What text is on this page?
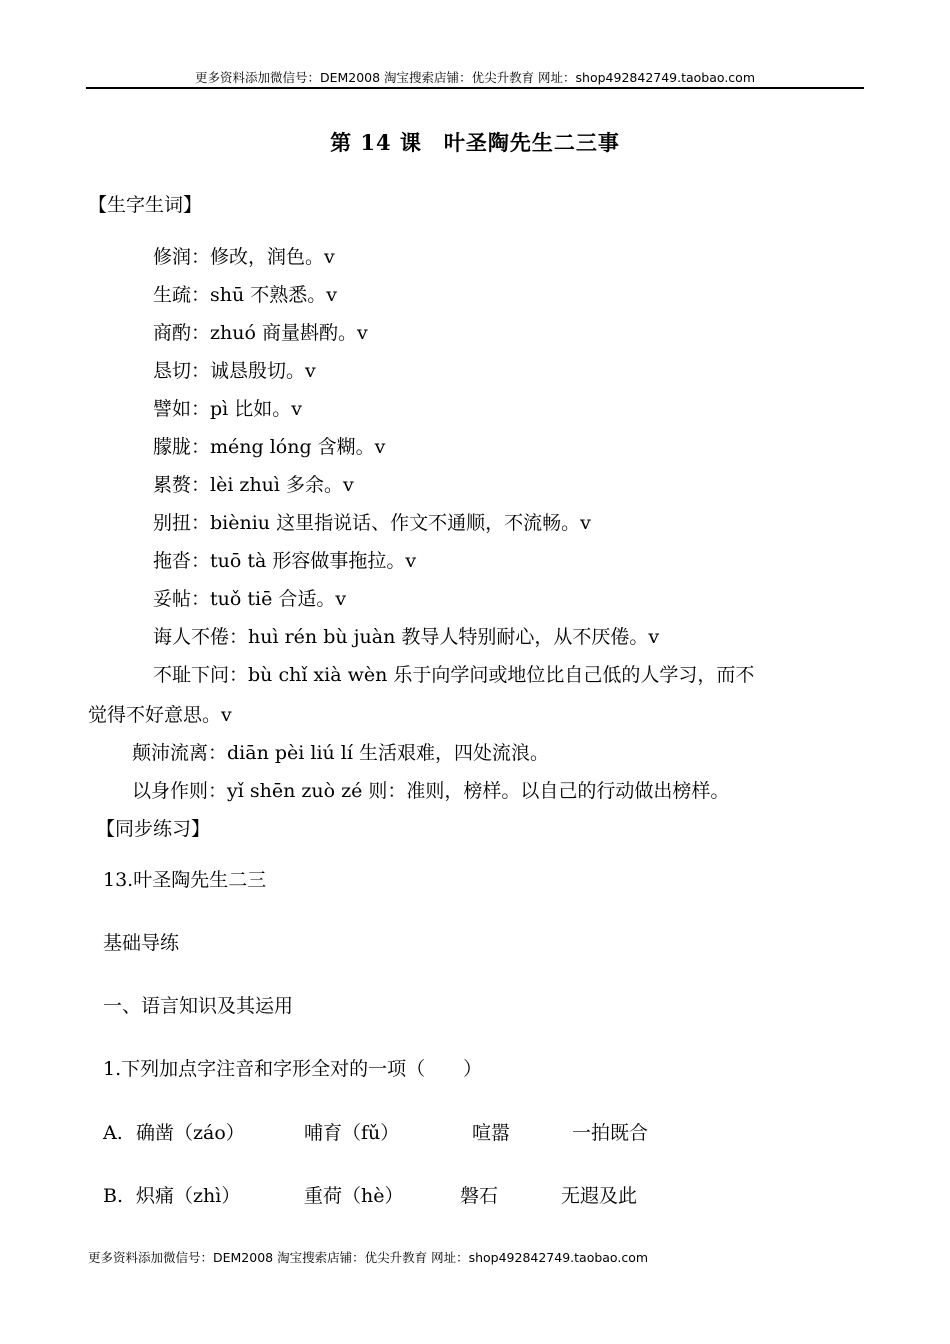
更多资料添加微信号：DEM2008 淘宝搜索店铺：优尖升教育 网址：shop492842749.taobao.com
第 14 课　叶圣陶先生二三事
【生字生词】
修润：修改，润色。v
生疏：shū 不熟悉。v
商酌：zhuó 商量斟酌。v
恳切：诚恳殷切。v
譬如：pì 比如。v
朦胧：méng lóng 含糊。v
累赘：lèi zhuì 多余。v
别扭：bièniu 这里指说话、作文不通顺，不流畅。v
拖沓：tuō tà 形容做事拖拉。v
妥帖：tuǒ tiē 合适。v
诲人不倦：huì rén bù juàn 教导人特别耐心，从不厌倦。v
不耻下问：bù chǐ xià wèn 乐于向学问或地位比自己低的人学习，而不
觉得不好意思。v
颠沛流离：diān pèi liú lí 生活艰难，四处流浪。
以身作则：yǐ shēn zuò zé 则：准则，榜样。以自己的行动做出榜样。
【同步练习】
13.叶圣陶先生二三
基础导练
一、语言知识及其运用
1.下列加点字注音和字形全对的一项（　　）
A. 确凿（záo）	哺育（fǔ）	喧嚣	一拍既合
B. 炽痛（zhì）	重荷（hè）	磐石	无遐及此
更多资料添加微信号：DEM2008 淘宝搜索店铺：优尖升教育 网址：shop492842749.taobao.com
